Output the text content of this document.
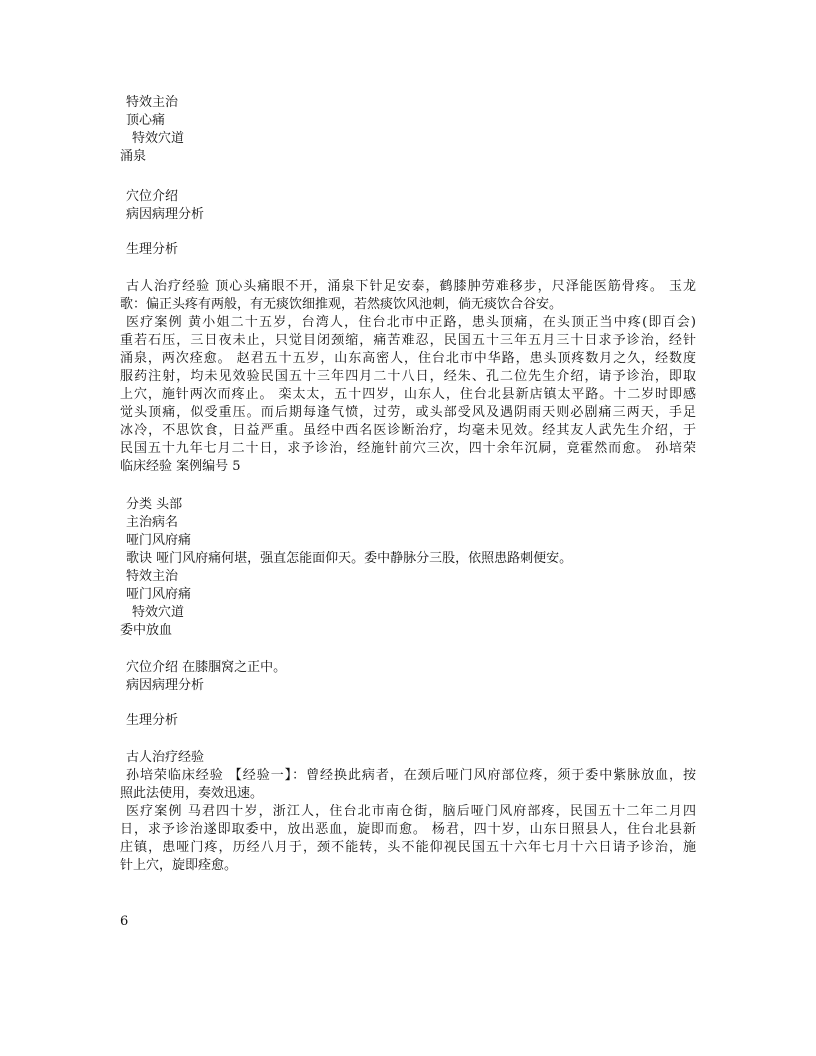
特效主治
顶心痛
特效穴道
涌泉
穴位介绍
病因病理分析
生理分析
古人治疗经验 顶心头痛眼不开，涌泉下针足安泰，鹤膝肿劳难移步，尺泽能医筋骨疼。 玉龙
歌：偏正头疼有两般，有无痰饮细推观，若然痰饮风池刺，倘无痰饮合谷安。
医疗案例 黄小姐二十五岁，台湾人，住台北市中正路，患头顶痛，在头顶正当中疼(即百会)
重若石压，三日夜未止，只觉目闭颈缩，痛苦难忍，民国五十三年五月三十日求予诊治，经针
涌泉，两次痊愈。 赵君五十五岁，山东高密人，住台北市中华路，患头顶疼数月之久，经数度
服药注射，均未见效验民国五十三年四月二十八日，经朱、孔二位先生介绍，请予诊治，即取
上穴，施针两次而疼止。 栾太太，五十四岁，山东人，住台北县新店镇太平路。十二岁时即感
觉头顶痛，似受重压。而后期每逢气愤，过劳，或头部受风及遇阴雨天则必剧痛三两天，手足
冰冷，不思饮食，日益严重。虽经中西名医诊断治疗，均毫未见效。经其友人武先生介绍，于
民国五十九年七月二十日，求予诊治，经施针前穴三次，四十余年沉屙，竟霍然而愈。 孙培荣
临床经验 案例编号 5
分类 头部
主治病名
哑门风府痛
歌诀 哑门风府痛何堪，强直怎能面仰天。委中静脉分三股，依照患路刺便安。
特效主治
哑门风府痛
特效穴道
委中放血
穴位介绍 在膝腘窝之正中。
病因病理分析
生理分析
古人治疗经验
孙培荣临床经验 【经验一】：曾经换此病者，在颈后哑门风府部位疼，须于委中紫脉放血，按
照此法使用，奏效迅速。
医疗案例 马君四十岁，浙江人，住台北市南仓街，脑后哑门风府部疼，民国五十二年二月四
日，求予诊治遂即取委中，放出恶血，旋即而愈。 杨君，四十岁，山东日照县人，住台北县新
庄镇，患哑门疼，历经八月于，颈不能转，头不能仰视民国五十六年七月十六日请予诊治，施
针上穴，旋即痊愈。
6
